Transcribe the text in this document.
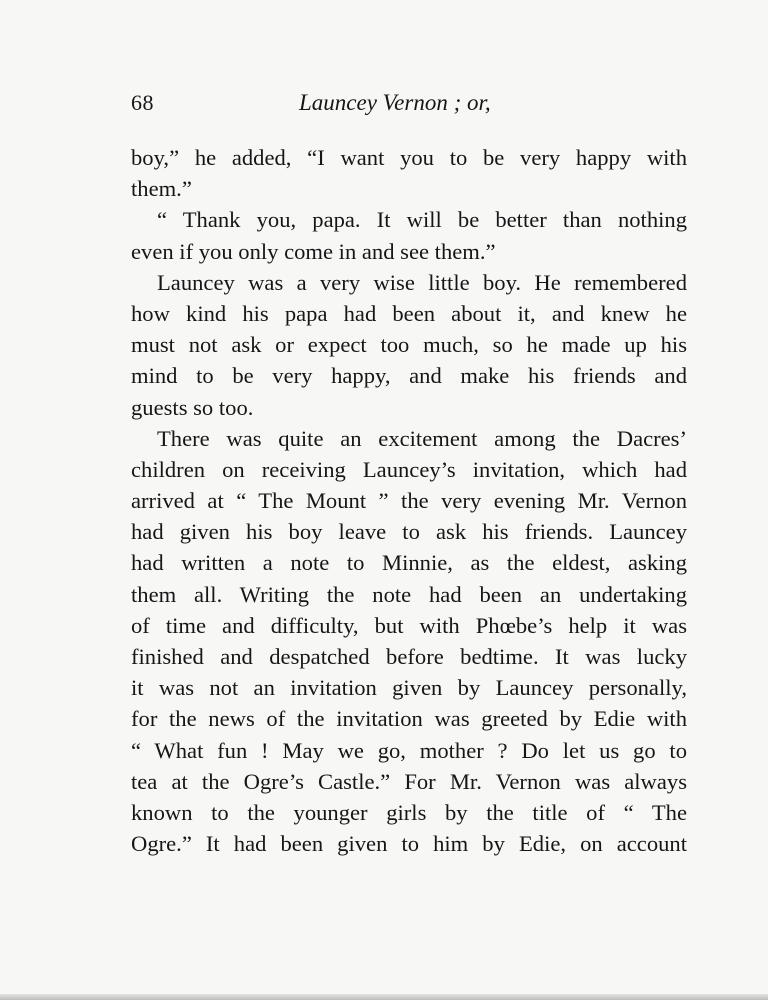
68	Launcey Vernon ; or,
boy,” he added, “I want you to be very happy with
them.”
“ Thank you, papa. It will be better than nothing
even if you only come in and see them.”
Launcey was a very wise little boy. He remembered
how kind his papa had been about it, and knew he
must not ask or expect too much, so he made up his
mind to be very happy, and make his friends and
guests so too.
There was quite an excitement among the Dacres’
children on receiving Launcey’s invitation, which had
arrived at “ The Mount ” the very evening Mr. Vernon
had given his boy leave to ask his friends. Launcey
had written a note to Minnie, as the eldest, asking
them all. Writing the note had been an undertaking
of time and difficulty, but with Phœbe’s help it was
finished and despatched before bedtime. It was lucky
it was not an invitation given by Launcey personally,
for the news of the invitation was greeted by Edie with
“ What fun ! May we go, mother ? Do let us go to
tea at the Ogre’s Castle.” For Mr. Vernon was always
known to the younger girls by the title of “ The
Ogre.” It had been given to him by Edie, on account
